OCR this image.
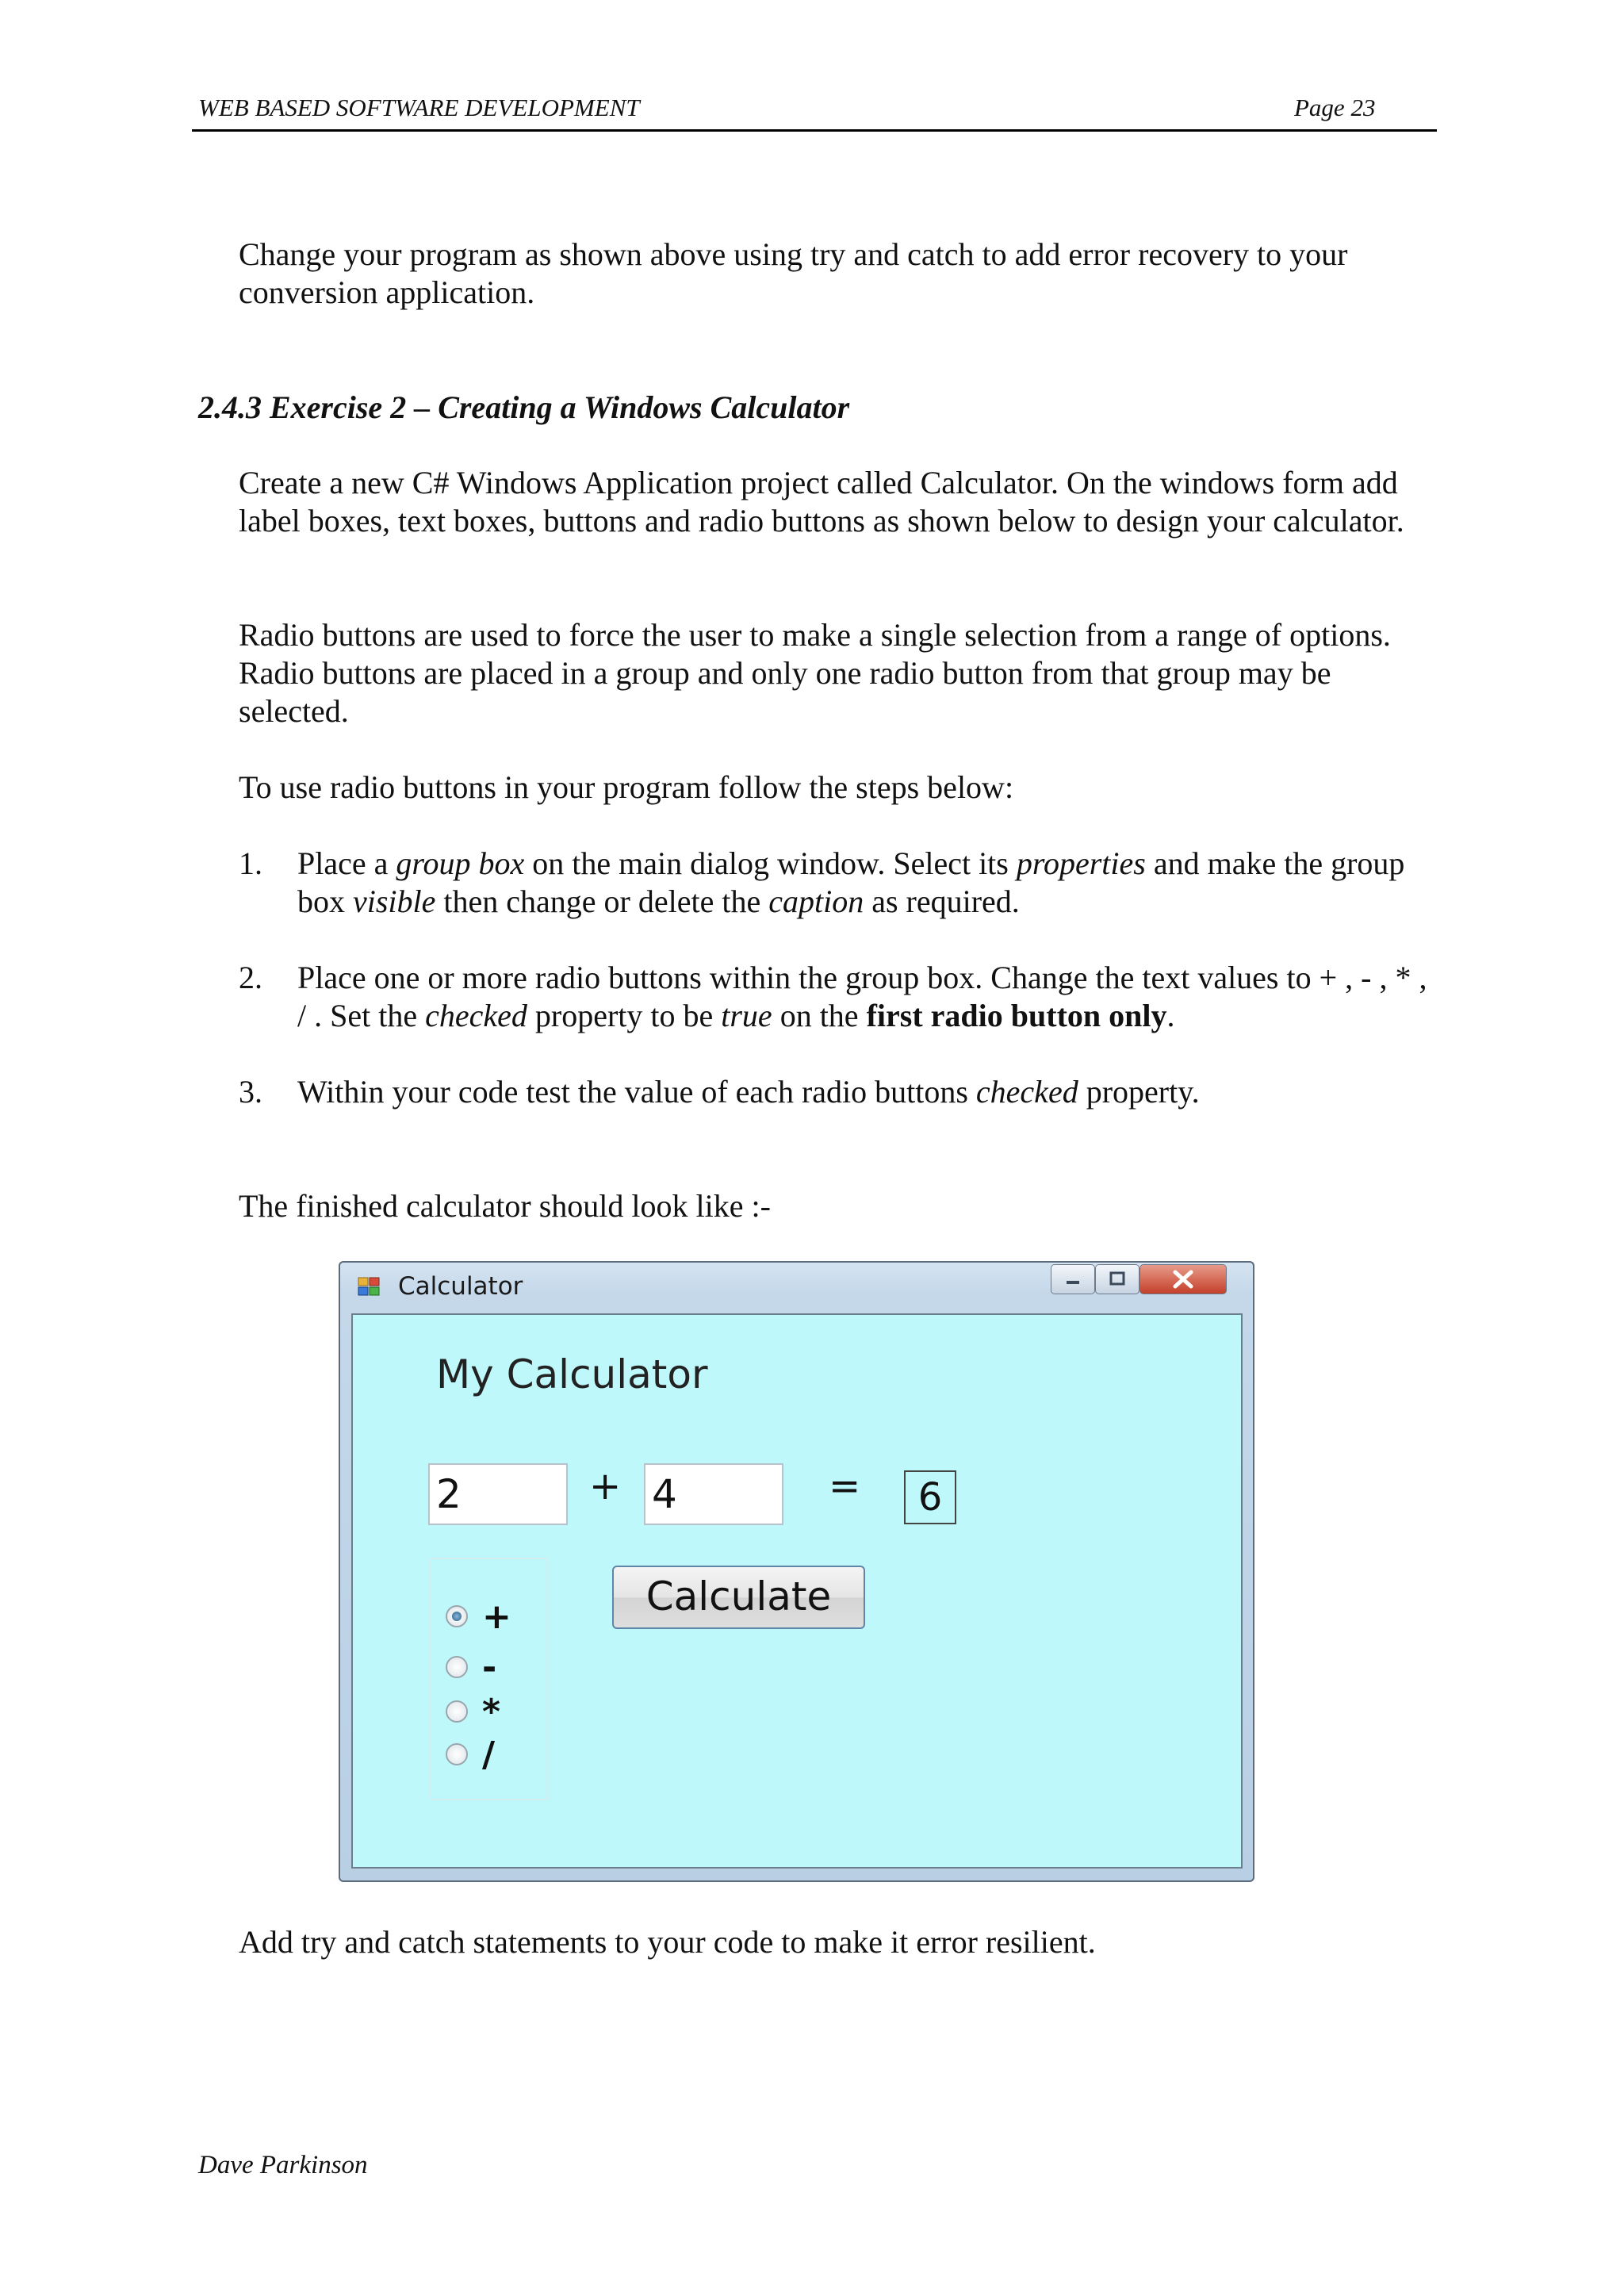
WEB BASED SOFTWARE DEVELOPMENT	Page 23

Change your program as shown above using try and catch to add error recovery to your conversion application.

2.4.3 Exercise 2 – Creating a Windows Calculator

Create a new C# Windows Application project called Calculator. On the windows form add label boxes, text boxes, buttons and radio buttons as shown below to design your calculator.

Radio buttons are used to force the user to make a single selection from a range of options. Radio buttons are placed in a group and only one radio button from that group may be selected.

To use radio buttons in your program follow the steps below:

1. Place a group box on the main dialog window. Select its properties and make the group box visible then change or delete the caption as required.
2. Place one or more radio buttons within the group box. Change the text values to + , - , * , / . Set the checked property to be true on the first radio button only.
3. Within your code test the value of each radio buttons checked property.

The finished calculator should look like :-

Calculator
My Calculator
2	+ 4	=	6
Calculate
+
-
*
/

Add try and catch statements to your code to make it error resilient.

Dave Parkinson
